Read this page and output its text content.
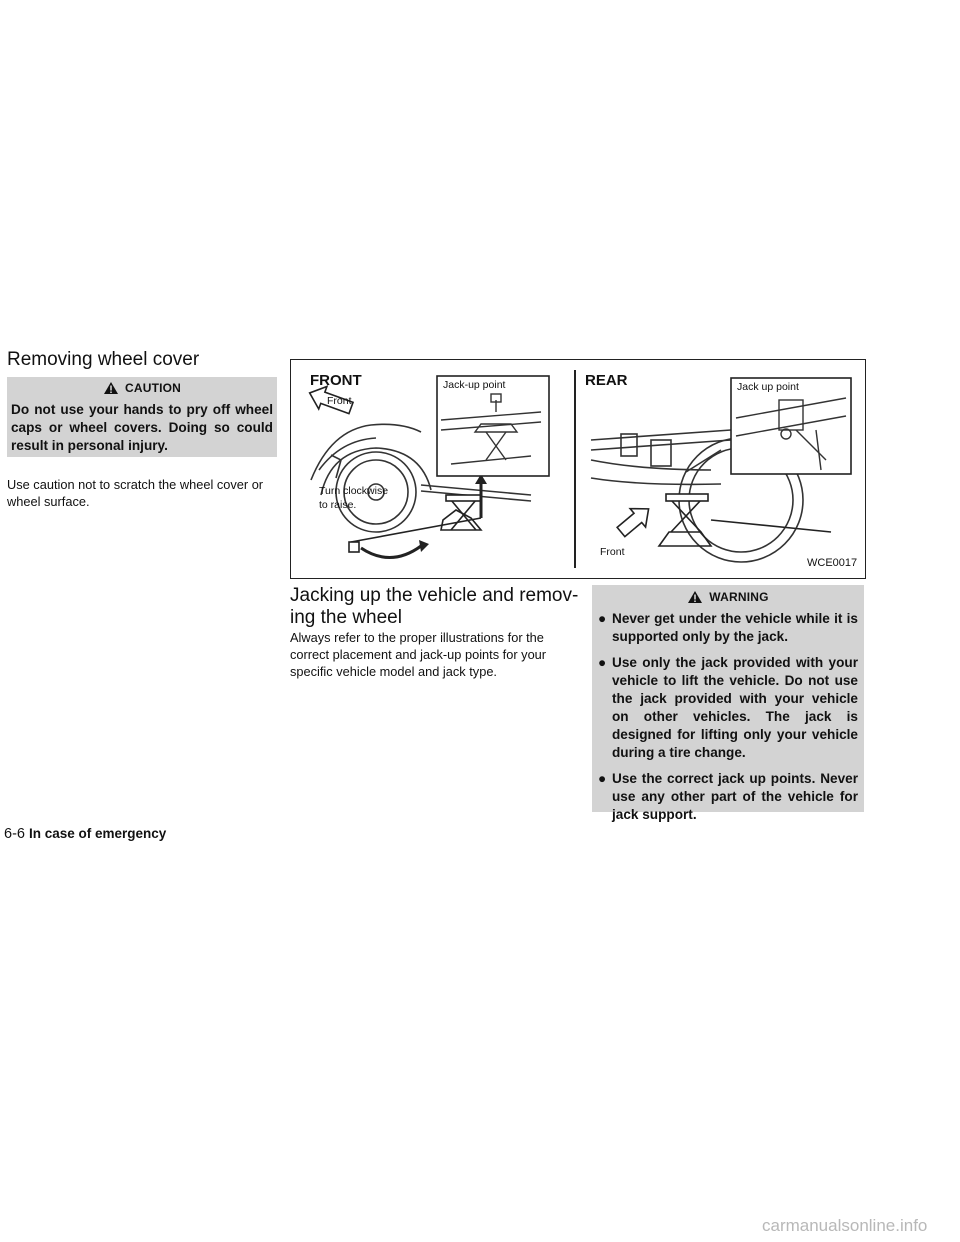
Removing wheel cover
CAUTION
Do not use your hands to pry off wheel caps or wheel covers. Doing so could result in personal injury.

Use caution not to scratch the wheel cover or wheel surface.

FRONT	REAR
Front
Jack-up point	Jack up point
Turn clockwise
to raise.
Front
WCE0017
Jacking up the vehicle and remov-
ing the wheel

Always refer to the proper illustrations for the correct placement and jack-up points for your specific vehicle model and jack type.

WARNING
● Never get under the vehicle while it is supported only by the jack.
● Use only the jack provided with your vehicle to lift the vehicle. Do not use the jack provided with your vehicle on other vehicles. The jack is designed for lifting only your vehicle during a tire change.
● Use the correct jack up points. Never use any other part of the vehicle for jack support.
6-6 In case of emergency
carmanualsonline.info
